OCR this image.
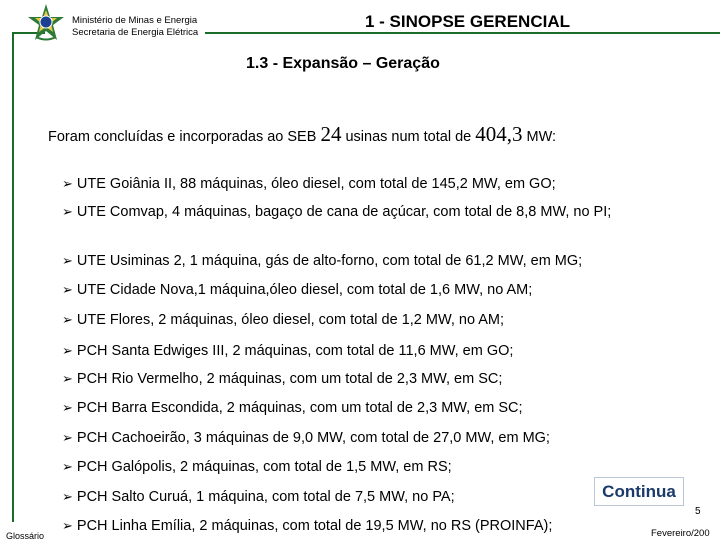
Ministério de Minas e Energia
Secretaria de Energia Elétrica
1 - SINOPSE GERENCIAL
1.3 - Expansão – Geração
Foram concluídas e incorporadas ao SEB 24 usinas num total de 404,3 MW:
➢ UTE Goiânia II, 88 máquinas, óleo diesel, com total de 145,2 MW, em GO;
➢ UTE Comvap, 4 máquinas, bagaço de cana de açúcar, com total de 8,8 MW, no PI;
➢ UTE Usiminas 2, 1 máquina, gás de alto-forno, com total de 61,2 MW, em MG;
➢ UTE Cidade Nova,1 máquina,óleo diesel, com total de 1,6 MW, no AM;
➢ UTE Flores, 2 máquinas, óleo diesel, com total de 1,2 MW, no AM;
➢ PCH Santa Edwiges III, 2 máquinas, com total de 11,6 MW, em GO;
➢ PCH Rio Vermelho, 2 máquinas, com um total de 2,3 MW, em SC;
➢ PCH Barra Escondida, 2 máquinas, com um total de 2,3 MW, em SC;
➢ PCH Cachoeirão, 3 máquinas de 9,0 MW, com total de 27,0 MW, em MG;
➢ PCH Galópolis, 2 máquinas, com total de 1,5 MW, em RS;
➢ PCH Salto Curuá, 1 máquina, com total de 7,5 MW, no PA;
➢ PCH Linha Emília, 2 máquinas, com total de 19,5 MW, no RS (PROINFA);
Continua
Glossário
5
Fevereiro/200
